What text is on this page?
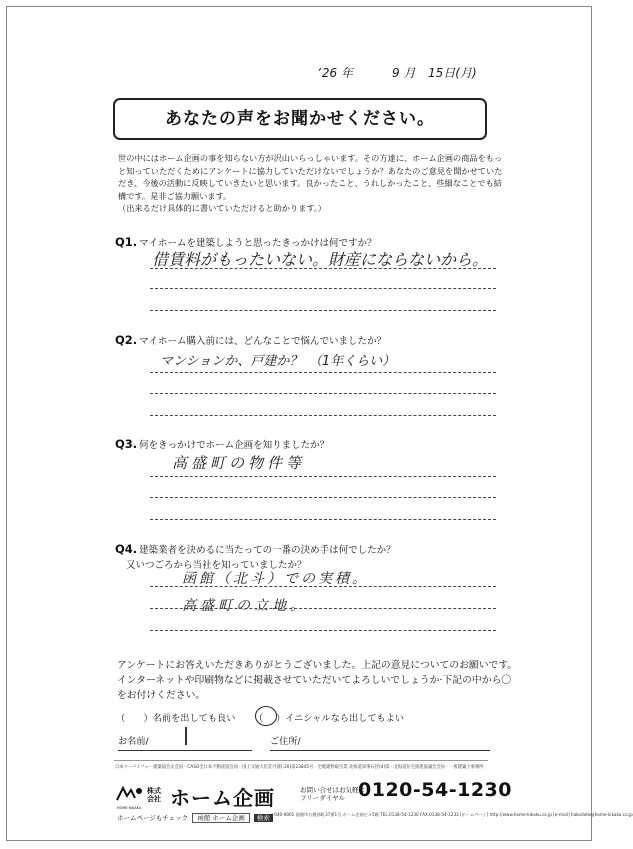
ʼ26 年	9 月 15日(月)
あなたの声をお聞かせください。
世の中にはホーム企画の事を知らない方が沢山いらっしゃいます。その方達に、ホーム企画の商品をもっ
と知っていただくためにアンケートに協力していただけないでしょうか？あなたのご意見を聞かせていた
だき、今後の活動に反映していきたいと思います。良かったこと、うれしかったこと、些細なことでも結
構です。是非ご協力願います。
（出来るだけ具体的に書いていただけると助かります。）
Q1. マイホームを建築しようと思ったきっかけは何ですか？
借賃料がもったいない。財産にならないから。
Q2. マイホーム購入前には、どんなことで悩んでいましたか？
マンションか、戸建か？　（1年くらい）
Q3. 何をきっかけでホーム企画を知りましたか？
高盛町の物件等
Q4. 建築業者を決めるに当たっての一番の決め手は何でしたか？
又いつごろから当社を知っていましたか？
函館（北斗）での実積。
高盛町の立地。
アンケートにお答えいただきありがとうございました。上記の意見についてのお願いです。
インターネットや印刷物などに掲載させていただいてよろしいでしょうか·下記の中から〇
をお付けください。
（　　）名前を出しても良い （ ）イニシャルなら出してもよい
お名前/	ご住所/
日本ツーバイフォー建築協会正会員 · CASO全日本不動産協会員 · 国土交通大臣許可(般-20)第23845号 · 宅地建物取引業 北海道知事石狩(4)第 · 北海道住宅推進協議会会員 · 一般建築士事務所
株式
会社 ホーム企画
HOME KIKAKU
お問い合せはお気軽に
フリーダイヤル 0120-54-1230
ホームページもチェック 函館 ホーム企画 検索 〒040-0001 函館市五稜郭町37番1号 ホーム企画ビル5階 TEL.0138-54-1230 FAX.0138-54-1233 [ホームページ] http://www.home-kikaku.co.jp [e-mail] hakodate@home-kikaku.co.jp
